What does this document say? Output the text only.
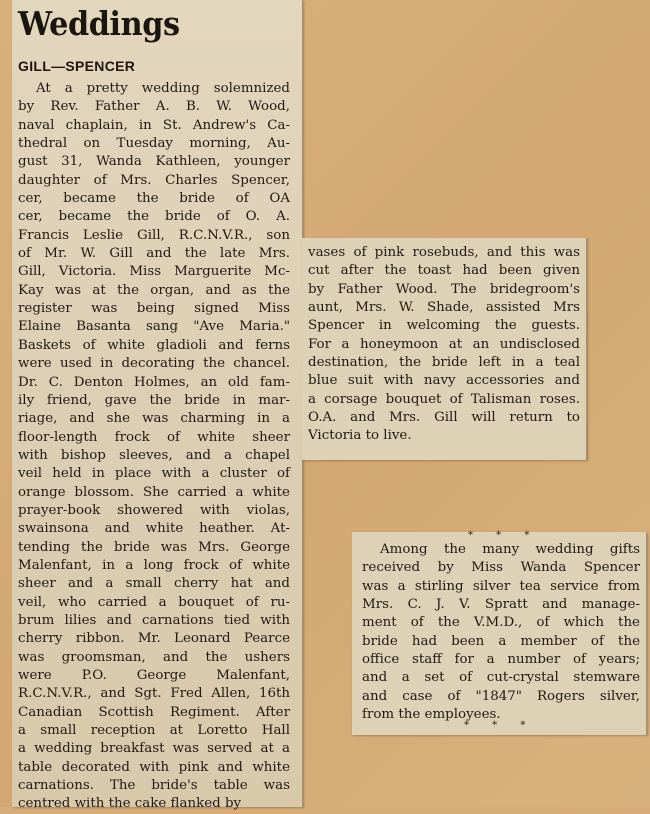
Weddings
GILL—SPENCER
At a pretty wedding solemnized
by Rev. Father A. B. W. Wood,
naval chaplain, in St. Andrew's Ca-
thedral on Tuesday morning, Au-
gust 31, Wanda Kathleen, younger
daughter of Mrs. Charles Spencer,
cer, became the bride of OA
cer, became the bride of O. A.
Francis Leslie Gill, R.C.N.V.R., son
of Mr. W. Gill and the late Mrs.
Gill, Victoria. Miss Marguerite Mc-
Kay was at the organ, and as the
register was being signed Miss
Elaine Basanta sang "Ave Maria."
Baskets of white gladioli and ferns
were used in decorating the chancel.
Dr. C. Denton Holmes, an old fam-
ily friend, gave the bride in mar-
riage, and she was charming in a
floor-length frock of white sheer
with bishop sleeves, and a chapel
veil held in place with a cluster of
orange blossom. She carried a white
prayer-book showered with violas,
swainsona and white heather. At-
tending the bride was Mrs. George
Malenfant, in a long frock of white
sheer and a small cherry hat and
veil, who carried a bouquet of ru-
brum lilies and carnations tied with
cherry ribbon. Mr. Leonard Pearce
was groomsman, and the ushers
were P.O. George Malenfant,
R.C.N.V.R., and Sgt. Fred Allen, 16th
Canadian Scottish Regiment. After
a small reception at Loretto Hall
a wedding breakfast was served at a
table decorated with pink and white
carnations. The bride's table was
centred with the cake flanked by
vases of pink rosebuds, and this was
cut after the toast had been given
by Father Wood. The bridegroom's
aunt, Mrs. W. Shade, assisted Mrs
Spencer in welcoming the guests.
For a honeymoon at an undisclosed
destination, the bride left in a teal
blue suit with navy accessories and
a corsage bouquet of Talisman roses.
O.A. and Mrs. Gill will return to
Victoria to live.
* * *
Among the many wedding gifts
received by Miss Wanda Spencer
was a stirling silver tea service from
Mrs. C. J. V. Spratt and manage-
ment of the V.M.D., of which the
bride had been a member of the
office staff for a number of years;
and a set of cut-crystal stemware
and case of "1847" Rogers silver,
from the employees.
* * *
